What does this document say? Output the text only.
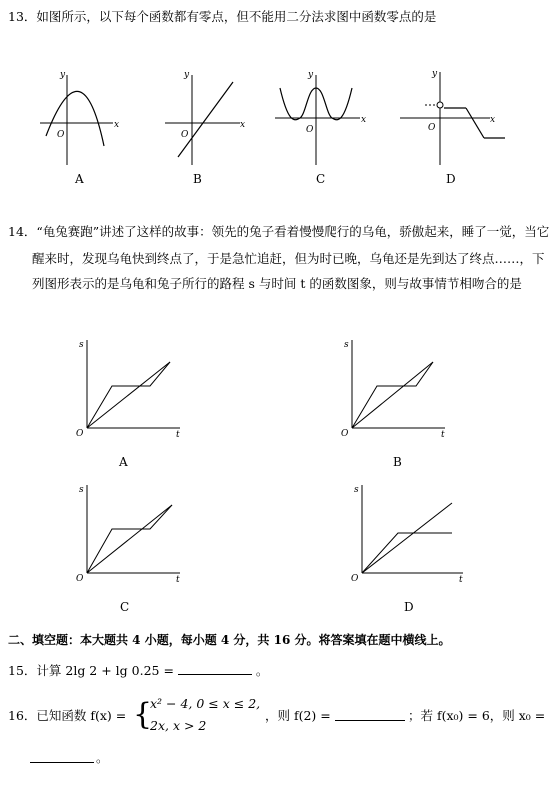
13．如图所示，以下每个函数都有零点，但不能用二分法求图中函数零点的是
y
x
O
y
x
O
y
x
O
y
x
O
A	B	C	D
14．“龟兔赛跑”讲述了这样的故事：领先的兔子看着慢慢爬行的乌龟，骄傲起来，睡了一觉，当它
醒来时，发现乌龟快到终点了，于是急忙追赶，但为时已晚，乌龟还是先到达了终点……，下
列图形表示的是乌龟和兔子所行的路程 s 与时间 t 的函数图象，则与故事情节相吻合的是
s
t
O
s
t
O
s
t
O
s
t
O
A	B
C	D
二、填空题：本大题共 4 小题，每小题 4 分，共 16 分。将答案填在题中横线上。
15．计算 2lg 2 + lg 0.25 =	。
16．已知函数 f(x) = {
x² − 4, 0 ≤ x ≤ 2,
2x, x > 2
，则 f(2) =	；若 f(x₀) = 6，则 x₀ =
。
